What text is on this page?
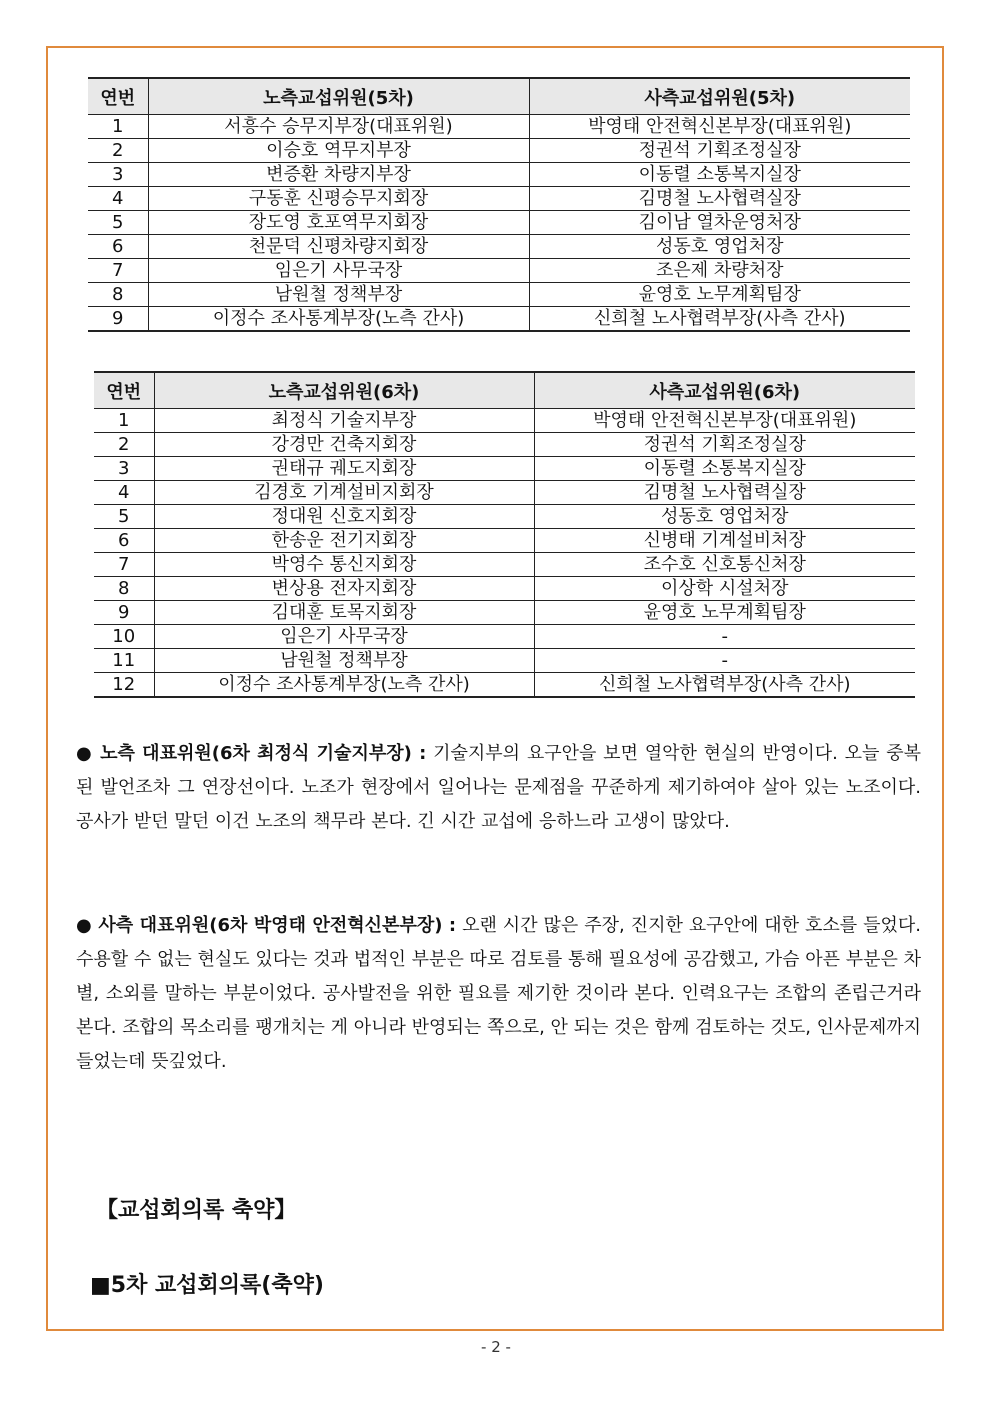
연번	노측교섭위원(5차)	사측교섭위원(5차)
1	서흥수 승무지부장(대표위원)	박영태 안전혁신본부장(대표위원)
2	이승호 역무지부장	정권석 기획조정실장
3	변증환 차량지부장	이동렬 소통복지실장
4	구동훈 신평승무지회장	김명철 노사협력실장
5	장도영 호포역무지회장	김이남 열차운영처장
6	천문덕 신평차량지회장	성동호 영업처장
7	임은기 사무국장	조은제 차량처장
8	남원철 정책부장	윤영호 노무계획팀장
9	이정수 조사통계부장(노측 간사)	신희철 노사협력부장(사측 간사)
연번	노측교섭위원(6차)	사측교섭위원(6차)
1	최정식 기술지부장	박영태 안전혁신본부장(대표위원)
2	강경만 건축지회장	정권석 기획조정실장
3	권태규 궤도지회장	이동렬 소통복지실장
4	김경호 기계설비지회장	김명철 노사협력실장
5	정대원 신호지회장	성동호 영업처장
6	한송운 전기지회장	신병태 기계설비처장
7	박영수 통신지회장	조수호 신호통신처장
8	변상용 전자지회장	이상학 시설처장
9	김대훈 토목지회장	윤영호 노무계획팀장
10	임은기 사무국장	-
11	남원철 정책부장	-
12	이정수 조사통계부장(노측 간사)	신희철 노사협력부장(사측 간사)
● 노측 대표위원(6차 최정식 기술지부장) : 기술지부의 요구안을 보면 열악한 현실의 반영이다. 오늘 중복된 발언조차 그 연장선이다. 노조가 현장에서 일어나는 문제점을 꾸준하게 제기하여야 살아 있는 노조이다. 공사가 받던 말던 이건 노조의 책무라 본다. 긴 시간 교섭에 응하느라 고생이 많았다.
● 사측 대표위원(6차 박영태 안전혁신본부장) : 오랜 시간 많은 주장, 진지한 요구안에 대한 호소를 들었다. 수용할 수 없는 현실도 있다는 것과 법적인 부분은 따로 검토를 통해 필요성에 공감했고, 가슴 아픈 부분은 차별, 소외를 말하는 부분이었다. 공사발전을 위한 필요를 제기한 것이라 본다. 인력요구는 조합의 존립근거라 본다. 조합의 목소리를 팽개치는 게 아니라 반영되는 쪽으로, 안 되는 것은 함께 검토하는 것도, 인사문제까지 들었는데 뜻깊었다.
【교섭회의록 축약】
■5차 교섭회의록(축약)
- 2 -
